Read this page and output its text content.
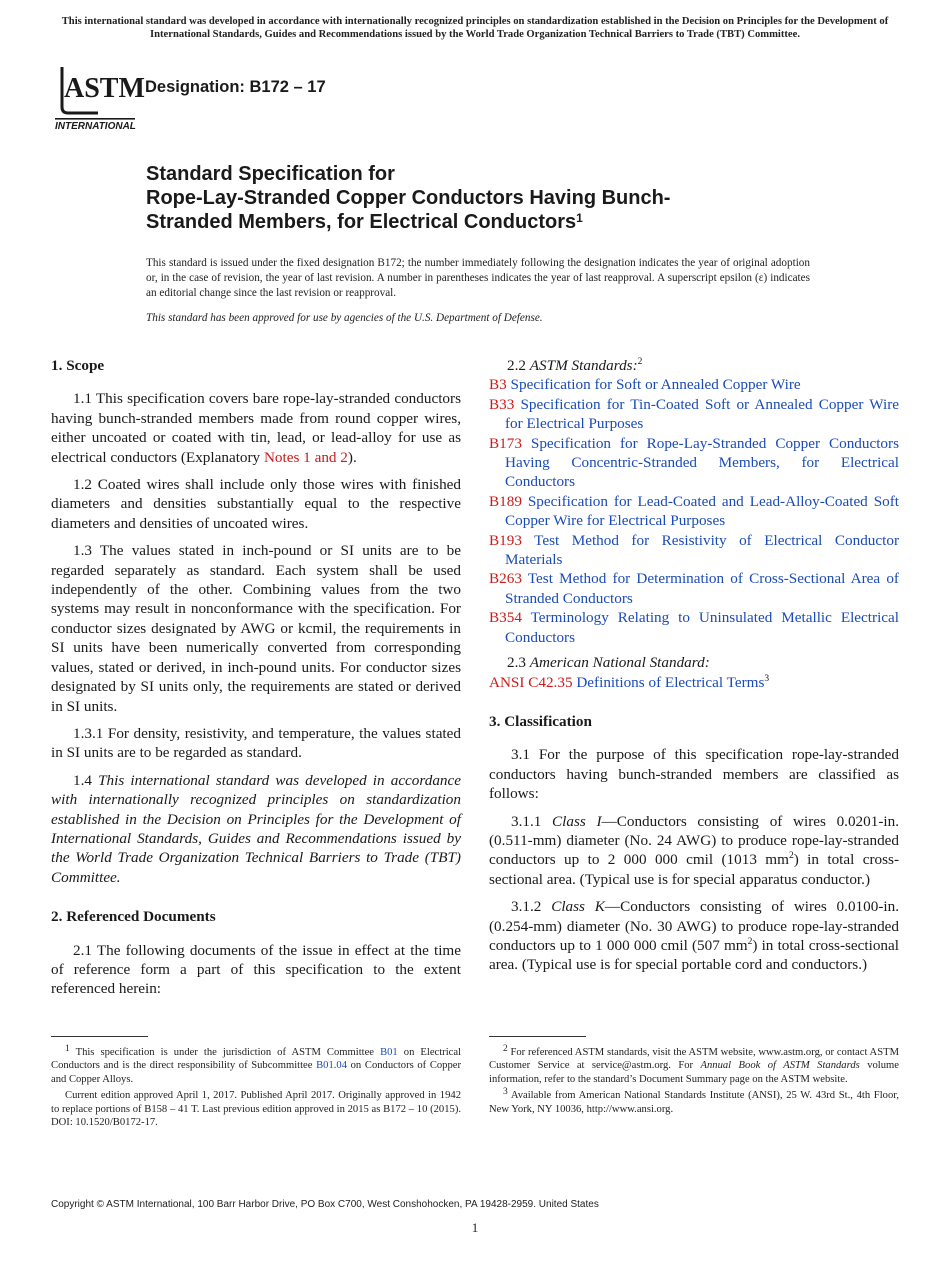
This international standard was developed in accordance with internationally recognized principles on standardization established in the Decision on Principles for the Development of International Standards, Guides and Recommendations issued by the World Trade Organization Technical Barriers to Trade (TBT) Committee.
ASTM
INTERNATIONAL
Designation: B172 – 17
Standard Specification for
Rope-Lay-Stranded Copper Conductors Having Bunch-
Stranded Members, for Electrical Conductors$^1$
This standard is issued under the fixed designation B172; the number immediately following the designation indicates the year of original adoption or, in the case of revision, the year of last revision. A number in parentheses indicates the year of last reapproval. A superscript epsilon (ε) indicates an editorial change since the last revision or reapproval.
This standard has been approved for use by agencies of the U.S. Department of Defense.
1. Scope
1.1 This specification covers bare rope-lay-stranded conductors having bunch-stranded members made from round copper wires, either uncoated or coated with tin, lead, or lead-alloy for use as electrical conductors (Explanatory Notes 1 and 2).
1.2 Coated wires shall include only those wires with finished diameters and densities substantially equal to the respective diameters and densities of uncoated wires.
1.3 The values stated in inch-pound or SI units are to be regarded separately as standard. Each system shall be used independently of the other. Combining values from the two systems may result in nonconformance with the specification. For conductor sizes designated by AWG or kcmil, the requirements in SI units have been numerically converted from corresponding values, stated or derived, in inch-pound units. For conductor sizes designated by SI units only, the requirements are stated or derived in SI units.
1.3.1 For density, resistivity, and temperature, the values stated in SI units are to be regarded as standard.
1.4 This international standard was developed in accordance with internationally recognized principles on standardization established in the Decision on Principles for the Development of International Standards, Guides and Recommendations issued by the World Trade Organization Technical Barriers to Trade (TBT) Committee.
2. Referenced Documents
2.1 The following documents of the issue in effect at the time of reference form a part of this specification to the extent referenced herein:
2.2 ASTM Standards:$^2$
B3 Specification for Soft or Annealed Copper Wire
B33 Specification for Tin-Coated Soft or Annealed Copper Wire for Electrical Purposes
B173 Specification for Rope-Lay-Stranded Copper Conductors Having Concentric-Stranded Members, for Electrical Conductors
B189 Specification for Lead-Coated and Lead-Alloy-Coated Soft Copper Wire for Electrical Purposes
B193 Test Method for Resistivity of Electrical Conductor Materials
B263 Test Method for Determination of Cross-Sectional Area of Stranded Conductors
B354 Terminology Relating to Uninsulated Metallic Electrical Conductors
2.3 American National Standard:
ANSI C42.35 Definitions of Electrical Terms$^3$
3. Classification
3.1 For the purpose of this specification rope-lay-stranded conductors having bunch-stranded members are classified as follows:
3.1.1 Class I—Conductors consisting of wires 0.0201-in. (0.511-mm) diameter (No. 24 AWG) to produce rope-lay-stranded conductors up to 2 000 000 cmil (1013 $mm^2$) in total cross-sectional area. (Typical use is for special apparatus conductor.)
3.1.2 Class K—Conductors consisting of wires 0.0100-in. (0.254-mm) diameter (No. 30 AWG) to produce rope-lay-stranded conductors up to 1 000 000 cmil (507 $mm^2$) in total cross-sectional area. (Typical use is for special portable cord and conductors.)

$^1$ This specification is under the jurisdiction of ASTM Committee B01 on Electrical Conductors and is the direct responsibility of Subcommittee B01.04 on Conductors of Copper and Copper Alloys.

Current edition approved April 1, 2017. Published April 2017. Originally approved in 1942 to replace portions of B158 – 41 T. Last previous edition approved in 2015 as B172 – 10 (2015). DOI: 10.1520/B0172-17.

$^2$ For referenced ASTM standards, visit the ASTM website, www.astm.org, or contact ASTM Customer Service at service@astm.org. For Annual Book of ASTM Standards volume information, refer to the standard’s Document Summary page on the ASTM website.

$^3$ Available from American National Standards Institute (ANSI), 25 W. 43rd St., 4th Floor, New York, NY 10036, http://www.ansi.org.

Copyright © ASTM International, 100 Barr Harbor Drive, PO Box C700, West Conshohocken, PA 19428-2959. United States
1
